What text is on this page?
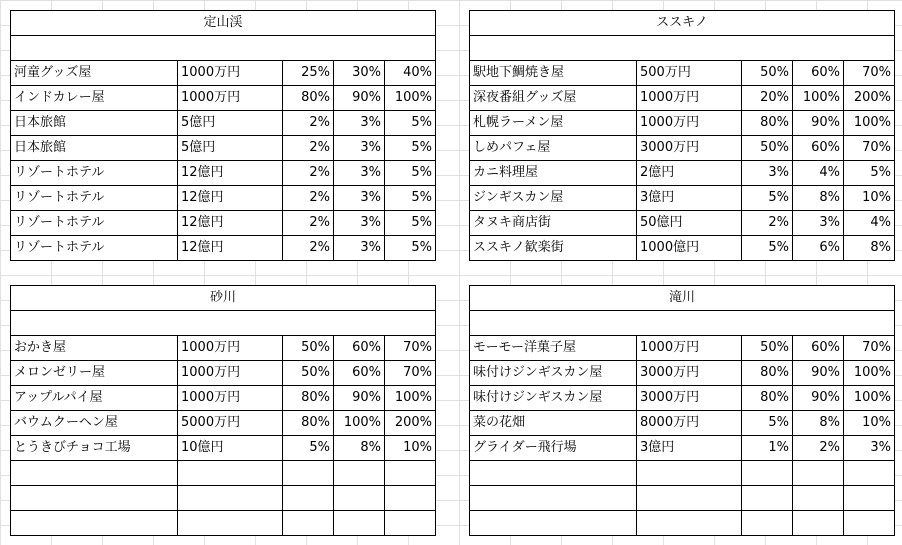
定山渓				

河童グッズ屋	1000万円	25%	30%	40%
インドカレー屋	1000万円	80%	90%	100%
日本旅館	5億円	2%	3%	5%
日本旅館	5億円	2%	3%	5%
リゾートホテル	12億円	2%	3%	5%
リゾートホテル	12億円	2%	3%	5%
リゾートホテル	12億円	2%	3%	5%
リゾートホテル	12億円	2%	3%	5%
ススキノ				

駅地下鯛焼き屋	500万円	50%	60%	70%
深夜番組グッズ屋	1000万円	20%	100%	200%
札幌ラーメン屋	1000万円	80%	90%	100%
しめパフェ屋	3000万円	50%	60%	70%
カニ料理屋	2億円	3%	4%	5%
ジンギスカン屋	3億円	5%	8%	10%
タヌキ商店街	50億円	2%	3%	4%
ススキノ歓楽街	1000億円	5%	6%	8%
砂川				

おかき屋	1000万円	50%	60%	70%
メロンゼリー屋	1000万円	50%	60%	70%
アップルパイ屋	1000万円	80%	90%	100%
バウムクーヘン屋	5000万円	80%	100%	200%
とうきびチョコ工場	10億円	5%	8%	10%

滝川				

モーモー洋菓子屋	1000万円	50%	60%	70%
味付けジンギスカン屋	3000万円	80%	90%	100%
味付けジンギスカン屋	3000万円	80%	90%	100%
菜の花畑	8000万円	5%	8%	10%
グライダー飛行場	3億円	1%	2%	3%
